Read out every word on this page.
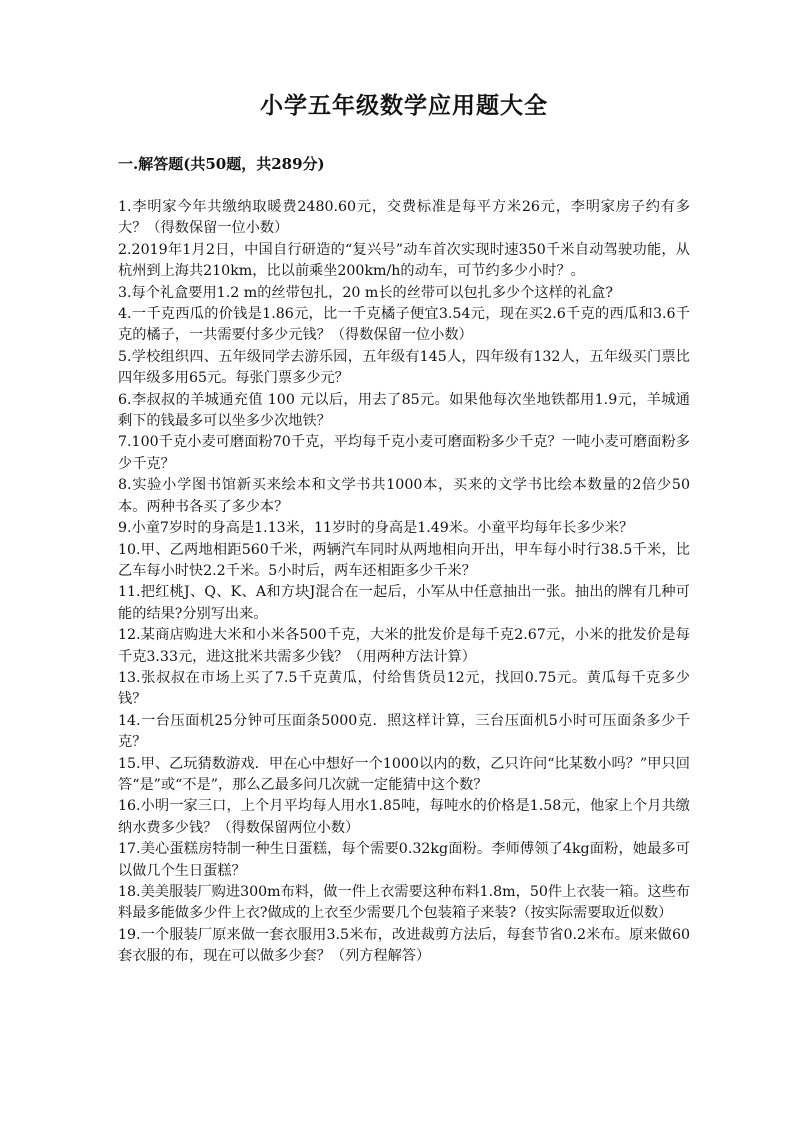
小学五年级数学应用题大全
一.解答题(共50题，共289分)
1.李明家今年共缴纳取暖费2480.60元，交费标准是每平方米26元，李明家房子约有多大？（得数保留一位小数）
2.2019年1月2日，中国自行研造的“复兴号”动车首次实现时速350千米自动驾驶功能，从杭州到上海共210km，比以前乘坐200km/h的动车，可节约多少小时？。
3.每个礼盒要用1.2 m的丝带包扎，20 m长的丝带可以包扎多少个这样的礼盒?
4.一千克西瓜的价钱是1.86元，比一千克橘子便宜3.54元，现在买2.6千克的西瓜和3.6千克的橘子，一共需要付多少元钱？（得数保留一位小数）
5.学校组织四、五年级同学去游乐园，五年级有145人，四年级有132人，五年级买门票比四年级多用65元。每张门票多少元？
6.李叔叔的羊城通充值 100 元以后，用去了85元。如果他每次坐地铁都用1.9元，羊城通剩下的钱最多可以坐多少次地铁？
7.100千克小麦可磨面粉70千克，平均每千克小麦可磨面粉多少千克？一吨小麦可磨面粉多少千克？
8.实验小学图书馆新买来绘本和文学书共1000本，买来的文学书比绘本数量的2倍少50本。两种书各买了多少本？
9.小童7岁时的身高是1.13米，11岁时的身高是1.49米。小童平均每年长多少米？
10.甲、乙两地相距560千米，两辆汽车同时从两地相向开出，甲车每小时行38.5千米，比乙车每小时快2.2千米。5小时后，两车还相距多少千米？
11.把红桃J、Q、K、A和方块J混合在一起后，小军从中任意抽出一张。抽出的牌有几种可能的结果?分别写出来。
12.某商店购进大米和小米各500千克，大米的批发价是每千克2.67元，小米的批发价是每千克3.33元，进这批米共需多少钱？（用两种方法计算）
13.张叔叔在市场上买了7.5千克黄瓜，付给售货员12元，找回0.75元。黄瓜每千克多少钱？
14.一台压面机25分钟可压面条5000克．照这样计算，三台压面机5小时可压面条多少千克？
15.甲、乙玩猜数游戏．甲在心中想好一个1000以内的数，乙只许问“比某数小吗？”甲只回答“是”或“不是”，那么乙最多问几次就一定能猜中这个数？
16.小明一家三口，上个月平均每人用水1.85吨，每吨水的价格是1.58元，他家上个月共缴纳水费多少钱？（得数保留两位小数）
17.美心蛋糕房特制一种生日蛋糕，每个需要0.32kg面粉。李师傅领了4kg面粉，她最多可以做几个生日蛋糕？
18.美美服装厂购进300m布料，做一件上衣需要这种布料1.8m，50件上衣装一箱。这些布料最多能做多少件上衣?做成的上衣至少需要几个包装箱子来装?（按实际需要取近似数）
19.一个服装厂原来做一套衣服用3.5米布，改进裁剪方法后，每套节省0.2米布。原来做60套衣服的布，现在可以做多少套？（列方程解答）
